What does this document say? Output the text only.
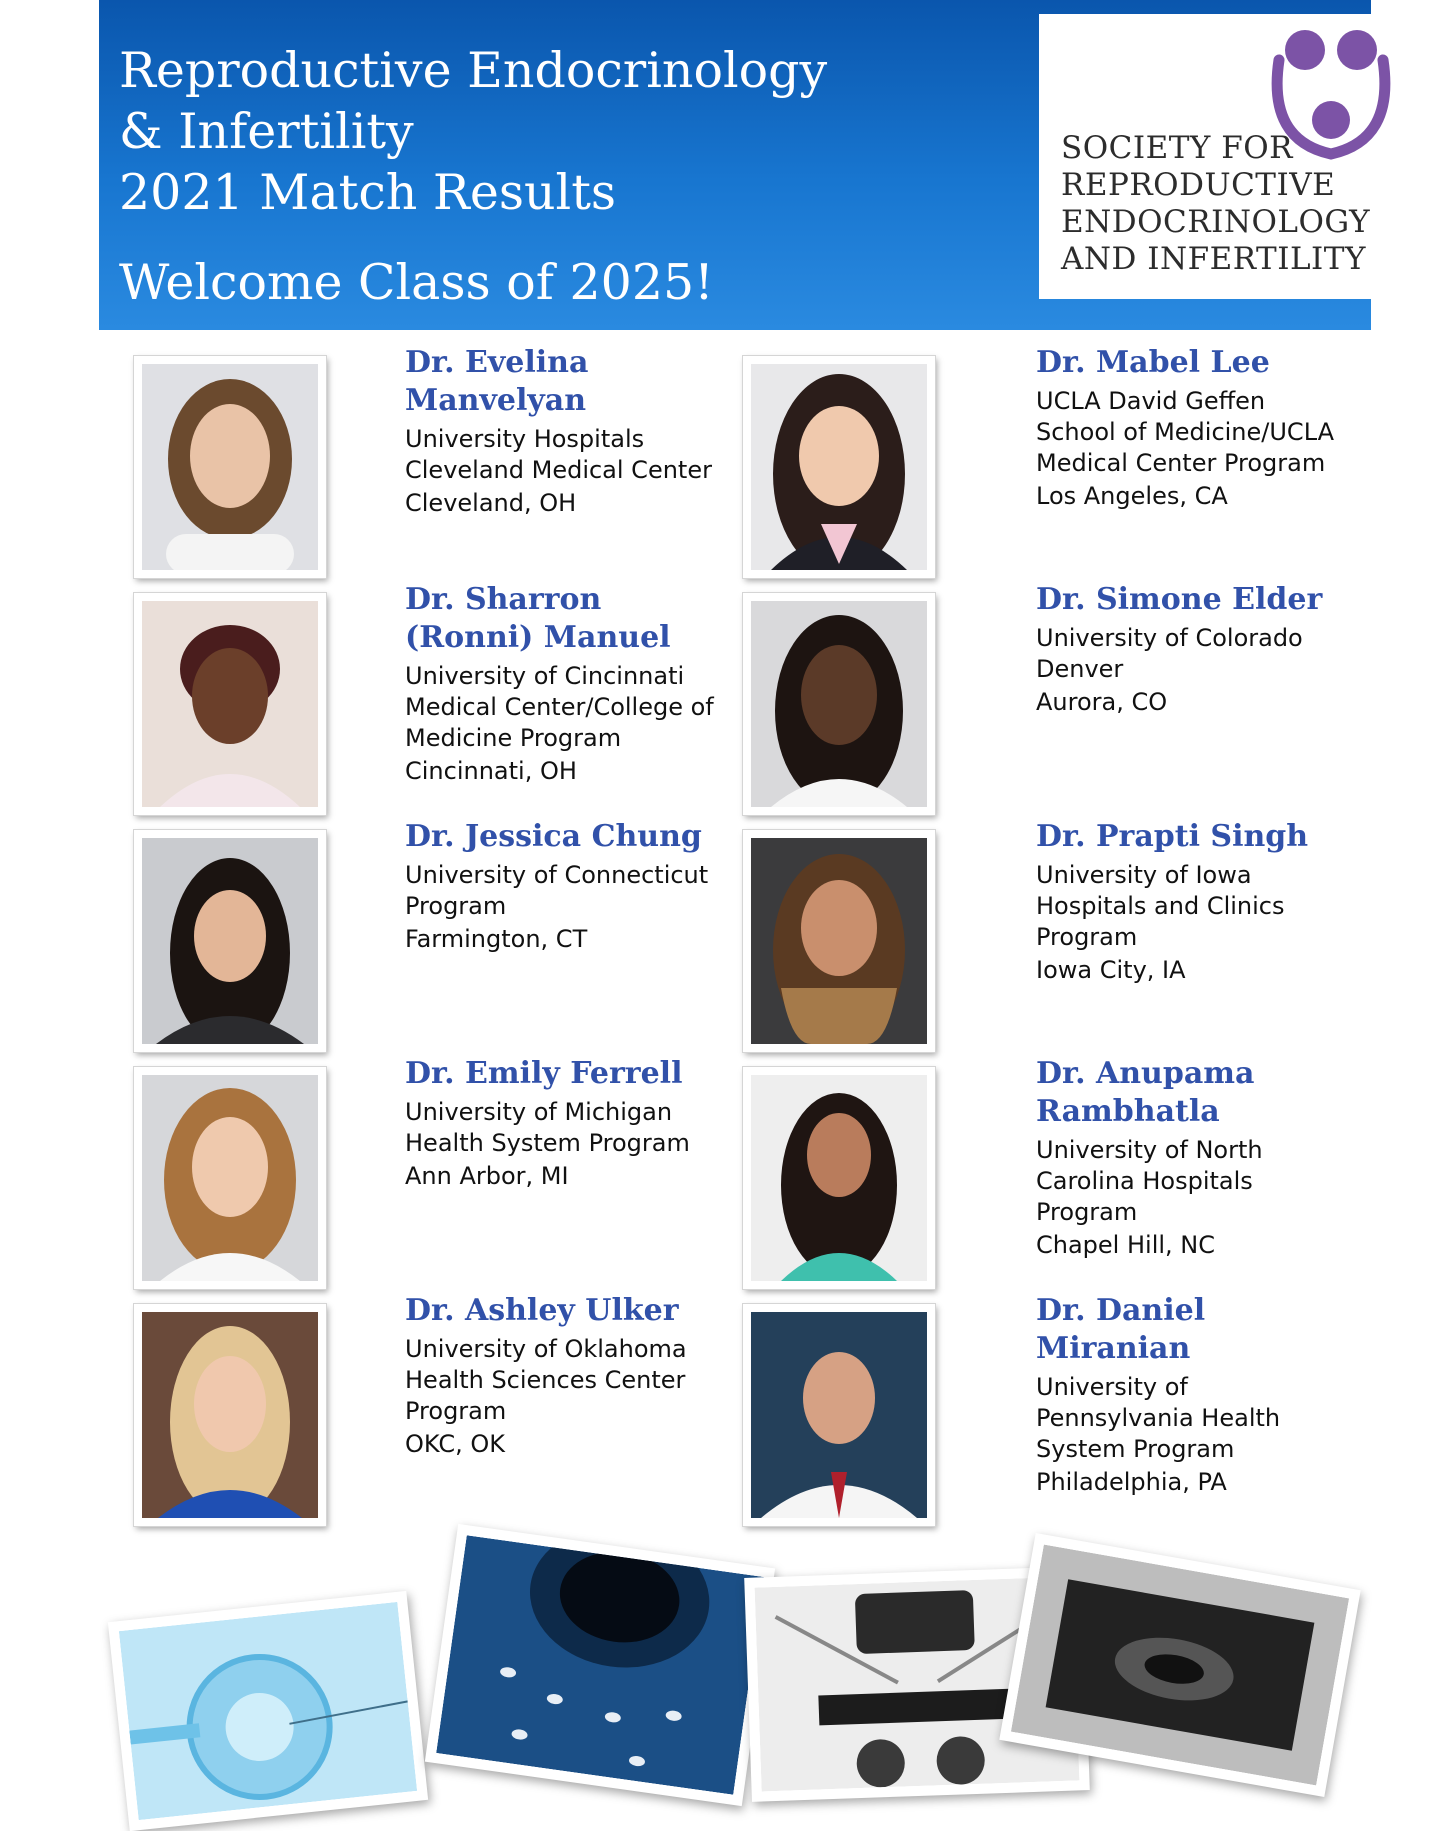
Reproductive Endocrinology
& Infertility
2021 Match Results
Welcome Class of 2025!
SOCIETY FOR
REPRODUCTIVE
ENDOCRINOLOGY
AND INFERTILITY

Dr. Evelina Manvelyan

University Hospitals Cleveland Medical Center

Cleveland, OH

Dr. Mabel Lee

UCLA David Geffen School of Medicine/UCLA Medical Center Program

Los Angeles, CA

Dr. Sharron (Ronni) Manuel

University of Cincinnati Medical Center/College of Medicine Program

Cincinnati, OH

Dr. Simone Elder

University of Colorado Denver

Aurora, CO

Dr. Jessica Chung

University of Connecticut Program

Farmington, CT

Dr. Prapti Singh

University of Iowa Hospitals and Clinics Program

Iowa City, IA

Dr. Emily Ferrell

University of Michigan Health System Program

Ann Arbor, MI

Dr. Anupama Rambhatla

University of North Carolina Hospitals Program

Chapel Hill, NC

Dr. Ashley Ulker

University of Oklahoma Health Sciences Center Program

OKC, OK

Dr. Daniel Miranian

University of Pennsylvania Health System Program

Philadelphia, PA
